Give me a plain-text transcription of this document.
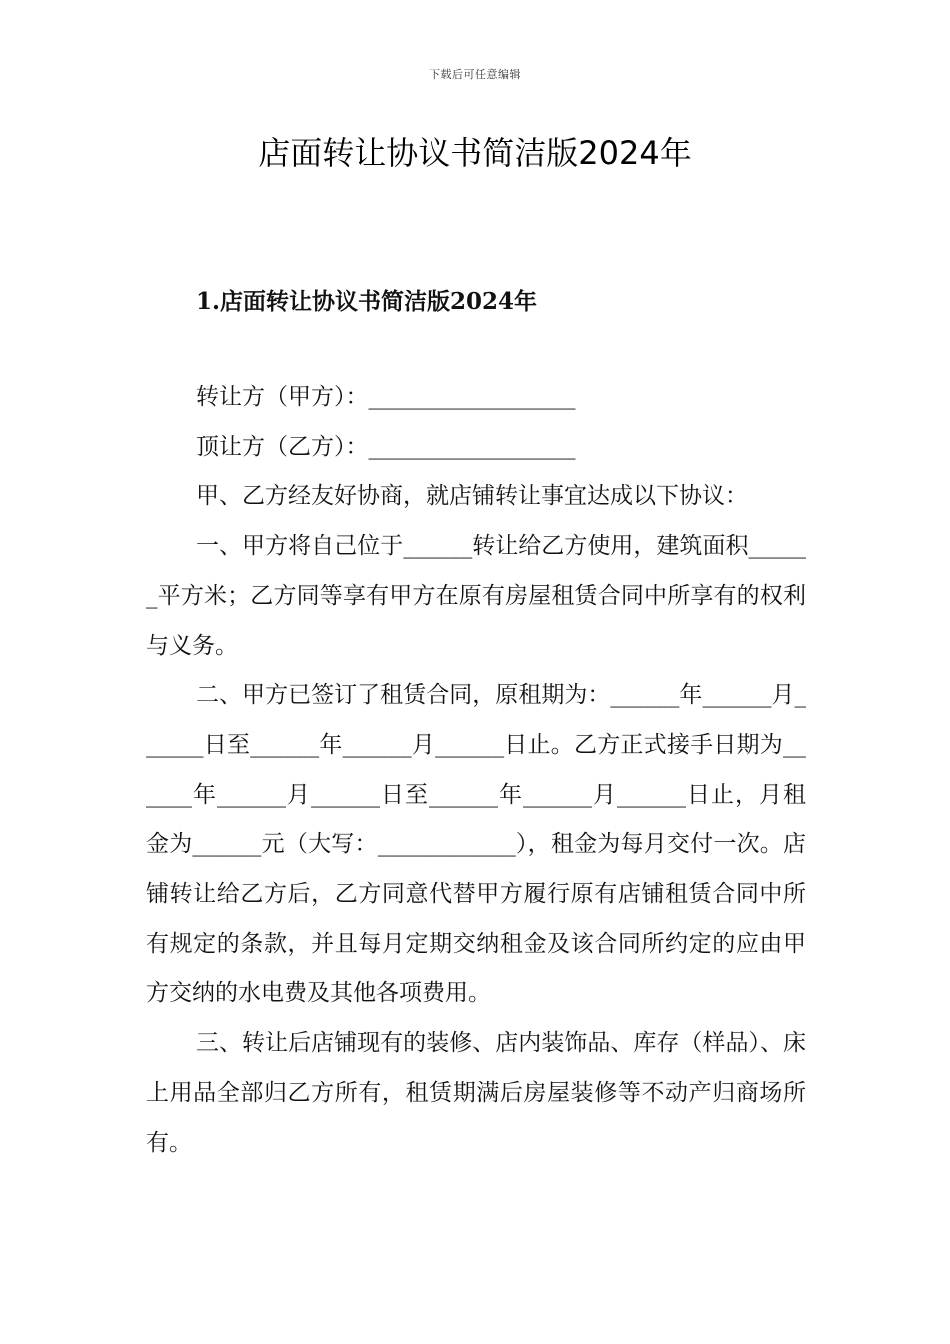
下载后可任意编辑
店面转让协议书简洁版2024年
1.店面转让协议书简洁版2024年

转让方（甲方）：__________________

顶让方（乙方）：__________________

甲、乙方经友好协商，就店铺转让事宜达成以下协议：

一、甲方将自己位于______转让给乙方使用，建筑面积______平方米；乙方同等享有甲方在原有房屋租赁合同中所享有的权利与义务。

二、甲方已签订了租赁合同，原租期为：______年______月______日至______年______月______日止。乙方正式接手日期为______年______月______日至______年______月______日止，月租金为______元（大写：____________），租金为每月交付一次。店铺转让给乙方后，乙方同意代替甲方履行原有店铺租赁合同中所有规定的条款，并且每月定期交纳租金及该合同所约定的应由甲方交纳的水电费及其他各项费用。

三、转让后店铺现有的装修、店内装饰品、库存（样品）、床上用品全部归乙方所有，租赁期满后房屋装修等不动产归商场所有。
